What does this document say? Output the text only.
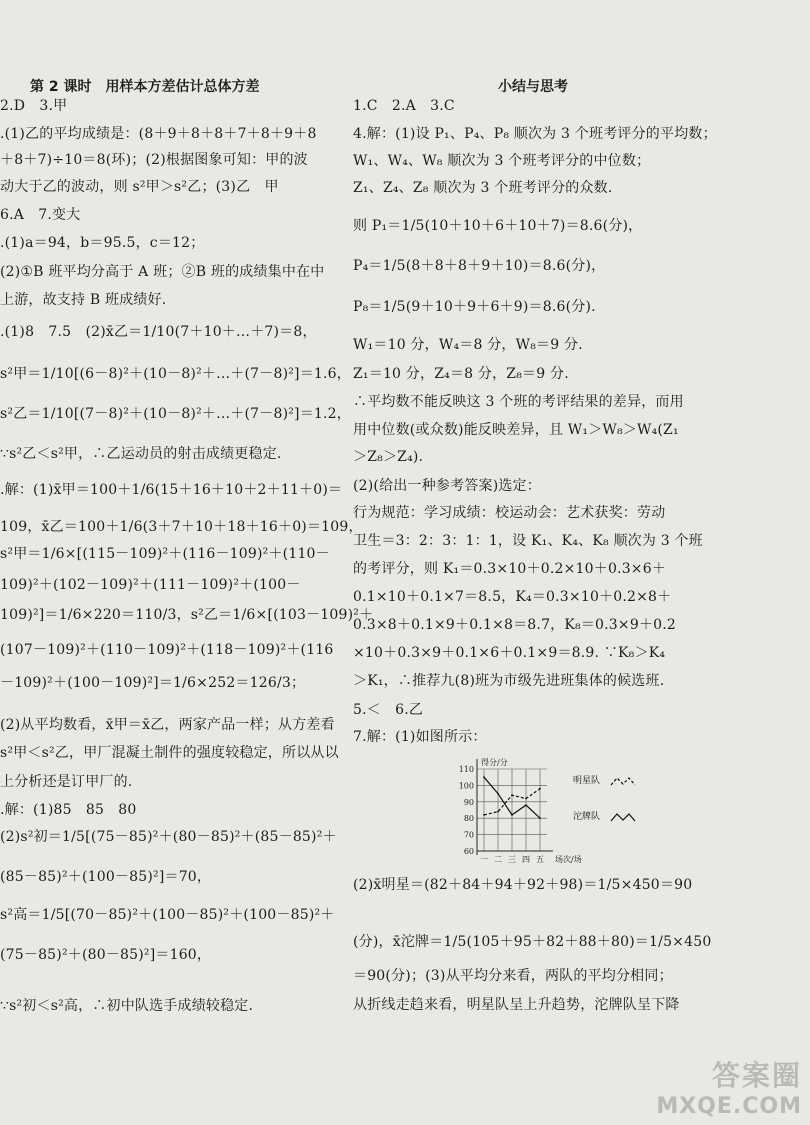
第 2 课时　用样本方差估计总体方差
2.D　3.甲
.(1)乙的平均成绩是：(8＋9＋8＋8＋7＋8＋9＋8
＋8＋7)÷10＝8(环)；(2)根据图象可知：甲的波
动大于乙的波动，则 s²甲＞s²乙；(3)乙　甲
6.A　7.变大
.(1)a＝94，b＝95.5，c＝12；
(2)①B 班平均分高于 A 班；②B 班的成绩集中在中
上游，故支持 B 班成绩好.
.(1)8　7.5　(2)x̄乙＝1/10(7＋10＋…＋7)＝8，
s²甲＝1/10[(6－8)²＋(10－8)²＋…＋(7－8)²]＝1.6，
s²乙＝1/10[(7－8)²＋(10－8)²＋…＋(7－8)²]＝1.2，
∵s²乙＜s²甲，∴乙运动员的射击成绩更稳定.
.解：(1)x̄甲＝100＋1/6(15＋16＋10＋2＋11＋0)＝
109，x̄乙＝100＋1/6(3＋7＋10＋18＋16＋0)＝109，
s²甲＝1/6×[(115－109)²＋(116－109)²＋(110－
109)²＋(102－109)²＋(111－109)²＋(100－
109)²]＝1/6×220＝110/3，s²乙＝1/6×[(103－109)²＋
(107－109)²＋(110－109)²＋(118－109)²＋(116
－109)²＋(100－109)²]＝1/6×252＝126/3；
(2)从平均数看，x̄甲＝x̄乙，两家产品一样；从方差看
s²甲＜s²乙，甲厂混凝土制件的强度较稳定，所以从以
上分析还是订甲厂的.
.解：(1)85　85　80
(2)s²初＝1/5[(75－85)²＋(80－85)²＋(85－85)²＋
(85－85)²＋(100－85)²]＝70，
s²高＝1/5[(70－85)²＋(100－85)²＋(100－85)²＋
(75－85)²＋(80－85)²]＝160，
∵s²初＜s²高，∴初中队选手成绩较稳定.
小结与思考
1.C　2.A　3.C
4.解：(1)设 P₁、P₄、P₈ 顺次为 3 个班考评分的平均数；
W₁、W₄、W₈ 顺次为 3 个班考评分的中位数；
Z₁、Z₄、Z₈ 顺次为 3 个班考评分的众数.
则 P₁＝1/5(10＋10＋6＋10＋7)＝8.6(分)，
P₄＝1/5(8＋8＋8＋9＋10)＝8.6(分)，
P₈＝1/5(9＋10＋9＋6＋9)＝8.6(分).
W₁＝10 分，W₄＝8 分，W₈＝9 分.
Z₁＝10 分，Z₄＝8 分，Z₈＝9 分.
∴平均数不能反映这 3 个班的考评结果的差异，而用
用中位数(或众数)能反映差异，且 W₁＞W₈＞W₄(Z₁
＞Z₈＞Z₄).
(2)(给出一种参考答案)选定：
行为规范：学习成绩：校运动会：艺术获奖：劳动
卫生＝3：2：3：1：1，设 K₁、K₄、K₈ 顺次为 3 个班
的考评分，则 K₁＝0.3×10＋0.2×10＋0.3×6＋
0.1×10＋0.1×7＝8.5，K₄＝0.3×10＋0.2×8＋
0.3×8＋0.1×9＋0.1×8＝8.7，K₈＝0.3×9＋0.2
×10＋0.3×9＋0.1×6＋0.1×9＝8.9. ∵K₈＞K₄
＞K₁，∴推荐九(8)班为市级先进班集体的候选班.
5.＜　6.乙
7.解：(1)如图所示：
(2)x̄明星＝(82＋84＋94＋92＋98)＝1/5×450＝90
(分)，x̄沱牌＝1/5(105＋95＋82＋88＋80)＝1/5×450
＝90(分)；(3)从平均分来看，两队的平均分相同；
从折线走趋来看，明星队呈上升趋势，沱牌队呈下降
60
70
80
90
100
110
一 二 三 四 五
得分/分
场次/场
明星队
沱牌队
答案圈
MXQE.COM
